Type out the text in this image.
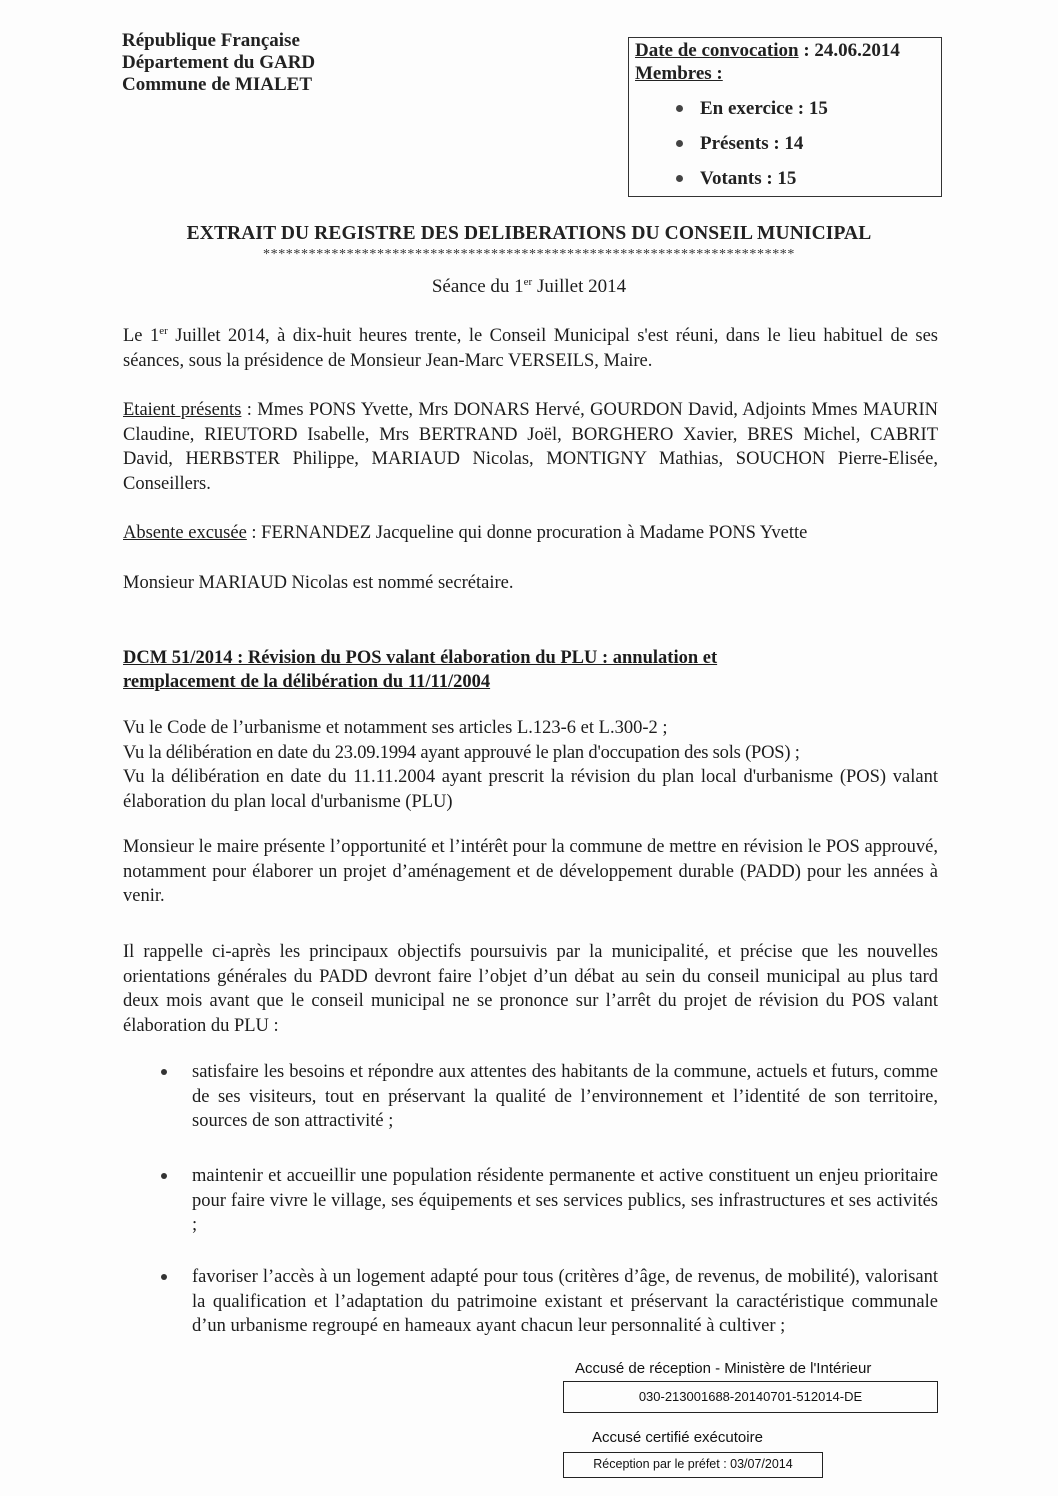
République Française
Département du GARD
Commune de MIALET
Date de convocation : 24.06.2014
Membres :
En exercice : 15
Présents : 14
Votants : 15
EXTRAIT DU REGISTRE DES DELIBERATIONS DU CONSEIL MUNICIPAL
**********************************************************************
Séance du 1er Juillet 2014

Le 1er Juillet 2014, à dix-huit heures trente, le Conseil Municipal s'est réuni, dans le lieu habituel de ses séances, sous la présidence de Monsieur Jean-Marc VERSEILS, Maire.

Etaient présents : Mmes PONS Yvette, Mrs DONARS Hervé, GOURDON David, Adjoints Mmes MAURIN Claudine, RIEUTORD Isabelle, Mrs BERTRAND Joël, BORGHERO Xavier, BRES Michel, CABRIT David, HERBSTER Philippe, MARIAUD Nicolas, MONTIGNY Mathias, SOUCHON Pierre-Elisée, Conseillers.

Absente excusée : FERNANDEZ Jacqueline qui donne procuration à Madame PONS Yvette

Monsieur MARIAUD Nicolas est nommé secrétaire.

DCM 51/2014 : Révision du POS valant élaboration du PLU : annulation et
remplacement de la délibération du 11/11/2004

Vu le Code de l’urbanisme et notamment ses articles L.123-6 et L.300-2 ;

Vu la délibération en date du 23.09.1994 ayant approuvé le plan d'occupation des sols (POS) ;

Vu la délibération en date du 11.11.2004 ayant prescrit la révision du plan local d'urbanisme (POS) valant élaboration du plan local d'urbanisme (PLU)

Monsieur le maire présente l’opportunité et l’intérêt pour la commune de mettre en révision le POS approuvé, notamment pour élaborer un projet d’aménagement et de développement durable (PADD) pour les années à venir.

Il rappelle ci-après les principaux objectifs poursuivis par la municipalité, et précise que les nouvelles orientations générales du PADD devront faire l’objet d’un débat au sein du conseil municipal au plus tard deux mois avant que le conseil municipal ne se prononce sur l’arrêt du projet de révision du POS valant élaboration du PLU :

satisfaire les besoins et répondre aux attentes des habitants de la commune, actuels et futurs, comme de ses visiteurs, tout en préservant la qualité de l’environnement et l’identité de son territoire, sources de son attractivité ;
maintenir et accueillir une population résidente permanente et active constituent un enjeu prioritaire pour faire vivre le village, ses équipements et ses services publics, ses infrastructures et ses activités ;
favoriser l’accès à un logement adapté pour tous (critères d’âge, de revenus, de mobilité), valorisant la qualification et l’adaptation du patrimoine existant et préservant la caractéristique communale d’un urbanisme regroupé en hameaux ayant chacun leur personnalité à cultiver ;
Accusé de réception - Ministère de l'Intérieur
030-213001688-20140701-512014-DE
Accusé certifié exécutoire
Réception par le préfet : 03/07/2014
